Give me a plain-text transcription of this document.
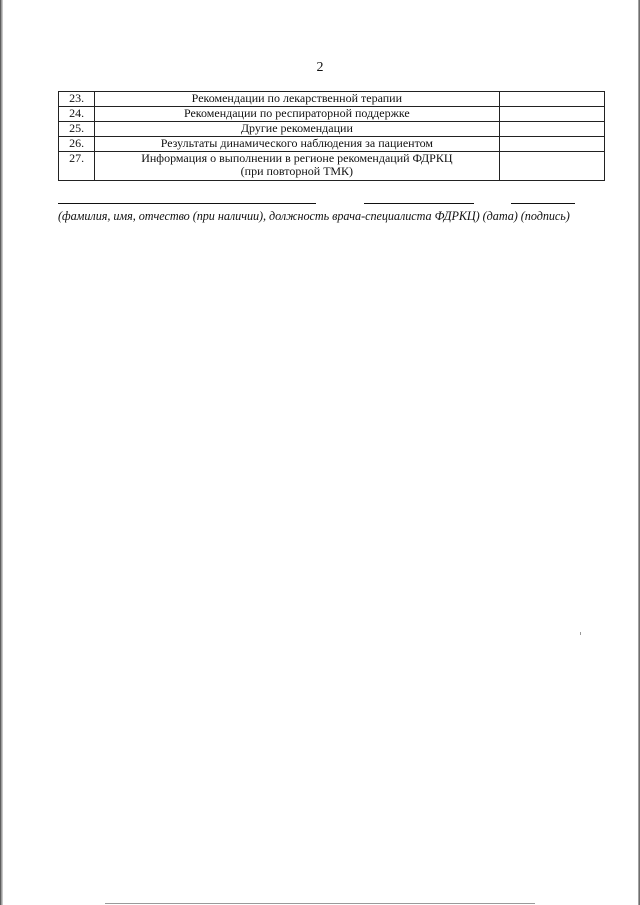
2
23.	Рекомендации по лекарственной терапии	

24.	Рекомендации по респираторной поддержке	

25.	Другие рекомендации	

26.	Результаты динамического наблюдения за пациентом	

27.	Информация о выполнении в регионе рекомендаций ФДРКЦ
(при повторной ТМК)	

(фамилия, имя, отчество (при наличии), должность врача-специалиста ФДРКЦ) (дата) (подпись)
